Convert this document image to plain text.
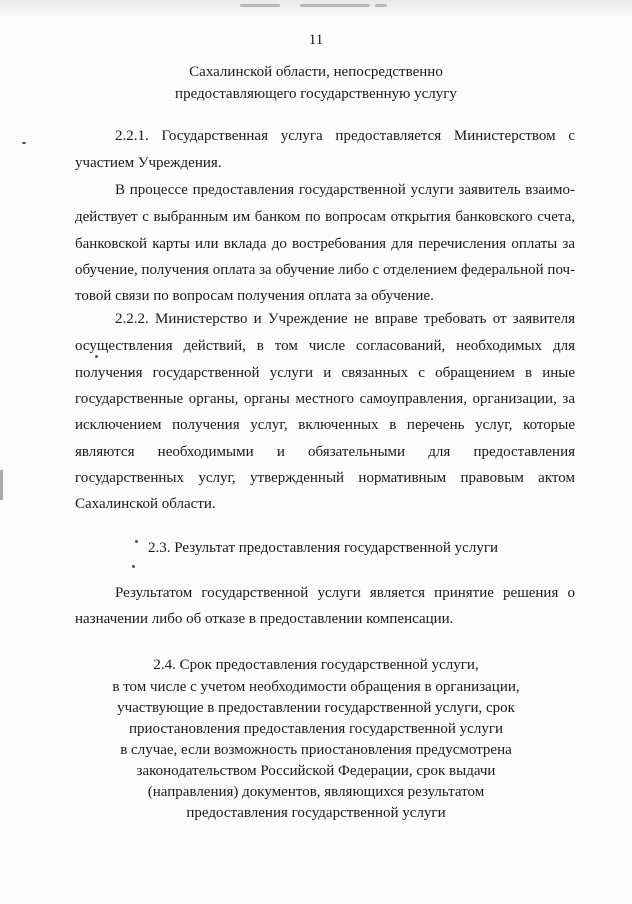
11
Сахалинской области, непосредственно
предоставляющего государственную услугу
2.2.1. Государственная услуга предоставляется Министерством с
участием Учреждения.
В процессе предоставления государственной услуги заявитель взаимо-
действует с выбранным им банком по вопросам открытия банковского счета,
банковской карты или вклада до востребования для перечисления оплаты за
обучение, получения оплата за обучение либо с отделением федеральной поч-
товой связи по вопросам получения оплата за обучение.
2.2.2. Министерство и Учреждение не вправе требовать от заявителя
осуществления действий, в том числе согласований, необходимых для
получения государственной услуги и связанных с обращением в иные
государственные органы, органы местного самоуправления, организации, за
исключением получения услуг, включенных в перечень услуг, которые
являются необходимыми и обязательными для предоставления
государственных услуг, утвержденный нормативным правовым актом
Сахалинской области.
2.3. Результат предоставления государственной услуги
Результатом государственной услуги является принятие решения о
назначении либо об отказе в предоставлении компенсации.
2.4. Срок предоставления государственной услуги,
в том числе с учетом необходимости обращения в организации,
участвующие в предоставлении государственной услуги, срок
приостановления предоставления государственной услуги
в случае, если возможность приостановления предусмотрена
законодательством Российской Федерации, срок выдачи
(направления) документов, являющихся результатом
предоставления государственной услуги
